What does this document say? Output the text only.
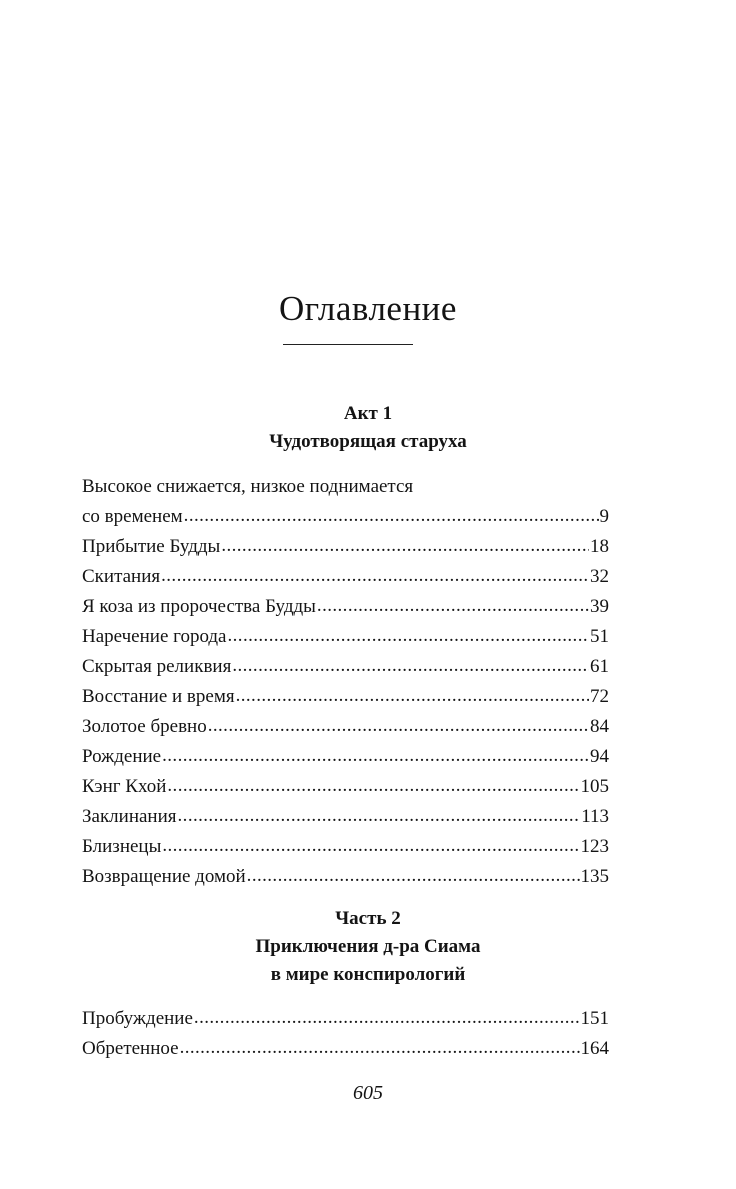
Оглавление
Акт 1
Чудотворящая старуха
Высокое снижается, низкое поднимается
со временем .....	9
Прибытие Будды .....	18
Скитания .....	32
Я коза из пророчества Будды .....	39
Наречение города .....	51
Скрытая реликвия .....	61
Восстание и время .....	72
Золотое бревно .....	84
Рождение .....	94
Кэнг Кхой .....	105
Заклинания .....	113
Близнецы .....	123
Возвращение домой .....	135
Часть 2
Приключения д-ра Сиама
в мире конспирологий
Пробуждение .....	151
Обретенное .....	164
605
